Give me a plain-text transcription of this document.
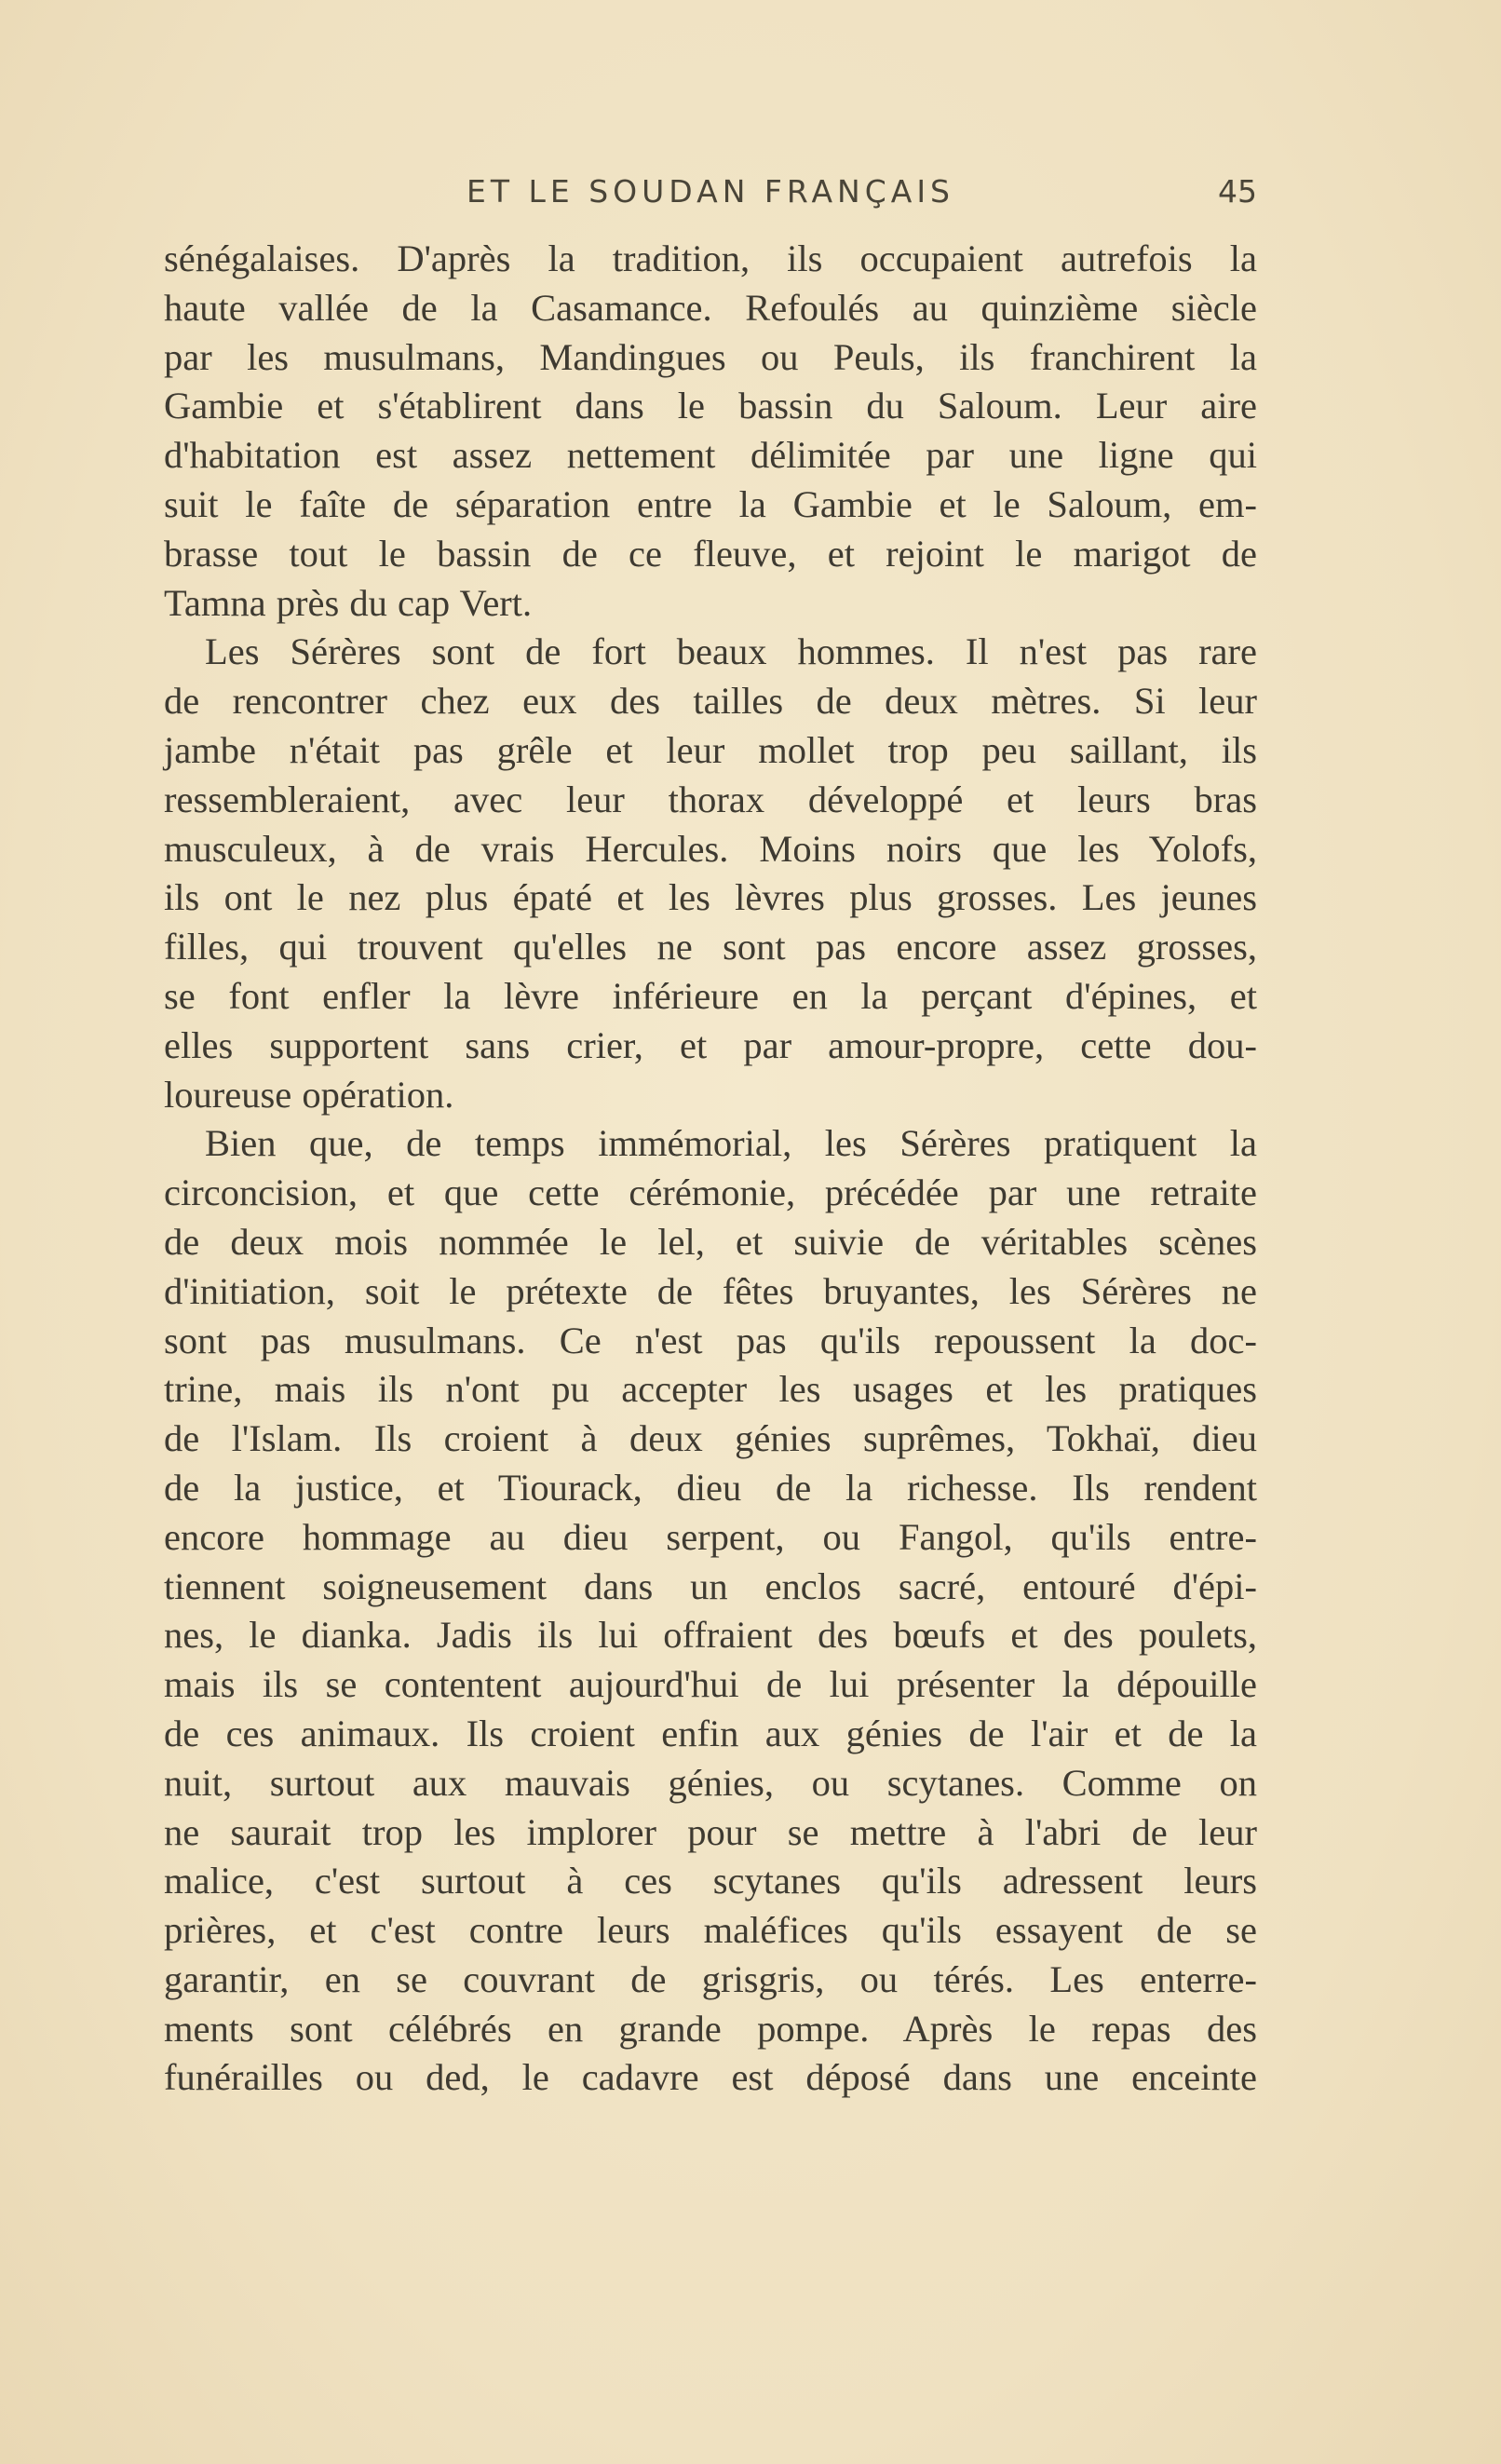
ET LE SOUDAN FRANÇAIS	45
sénégalaises. D'après la tradition, ils occupaient autrefois la
haute vallée de la Casamance. Refoulés au quinzième siècle
par les musulmans, Mandingues ou Peuls, ils franchirent la
Gambie et s'établirent dans le bassin du Saloum. Leur aire
d'habitation est assez nettement délimitée par une ligne qui
suit le faîte de séparation entre la Gambie et le Saloum, em-
brasse tout le bassin de ce fleuve, et rejoint le marigot de
Tamna près du cap Vert.
Les Sérères sont de fort beaux hommes. Il n'est pas rare
de rencontrer chez eux des tailles de deux mètres. Si leur
jambe n'était pas grêle et leur mollet trop peu saillant, ils
ressembleraient, avec leur thorax développé et leurs bras
musculeux, à de vrais Hercules. Moins noirs que les Yolofs,
ils ont le nez plus épaté et les lèvres plus grosses. Les jeunes
filles, qui trouvent qu'elles ne sont pas encore assez grosses,
se font enfler la lèvre inférieure en la perçant d'épines, et
elles supportent sans crier, et par amour-propre, cette dou-
loureuse opération.
Bien que, de temps immémorial, les Sérères pratiquent la
circoncision, et que cette cérémonie, précédée par une retraite
de deux mois nommée le lel, et suivie de véritables scènes
d'initiation, soit le prétexte de fêtes bruyantes, les Sérères ne
sont pas musulmans. Ce n'est pas qu'ils repoussent la doc-
trine, mais ils n'ont pu accepter les usages et les pratiques
de l'Islam. Ils croient à deux génies suprêmes, Tokhaï, dieu
de la justice, et Tiourack, dieu de la richesse. Ils rendent
encore hommage au dieu serpent, ou Fangol, qu'ils entre-
tiennent soigneusement dans un enclos sacré, entouré d'épi-
nes, le dianka. Jadis ils lui offraient des bœufs et des poulets,
mais ils se contentent aujourd'hui de lui présenter la dépouille
de ces animaux. Ils croient enfin aux génies de l'air et de la
nuit, surtout aux mauvais génies, ou scytanes. Comme on
ne saurait trop les implorer pour se mettre à l'abri de leur
malice, c'est surtout à ces scytanes qu'ils adressent leurs
prières, et c'est contre leurs maléfices qu'ils essayent de se
garantir, en se couvrant de grisgris, ou térés. Les enterre-
ments sont célébrés en grande pompe. Après le repas des
funérailles ou ded, le cadavre est déposé dans une enceinte
